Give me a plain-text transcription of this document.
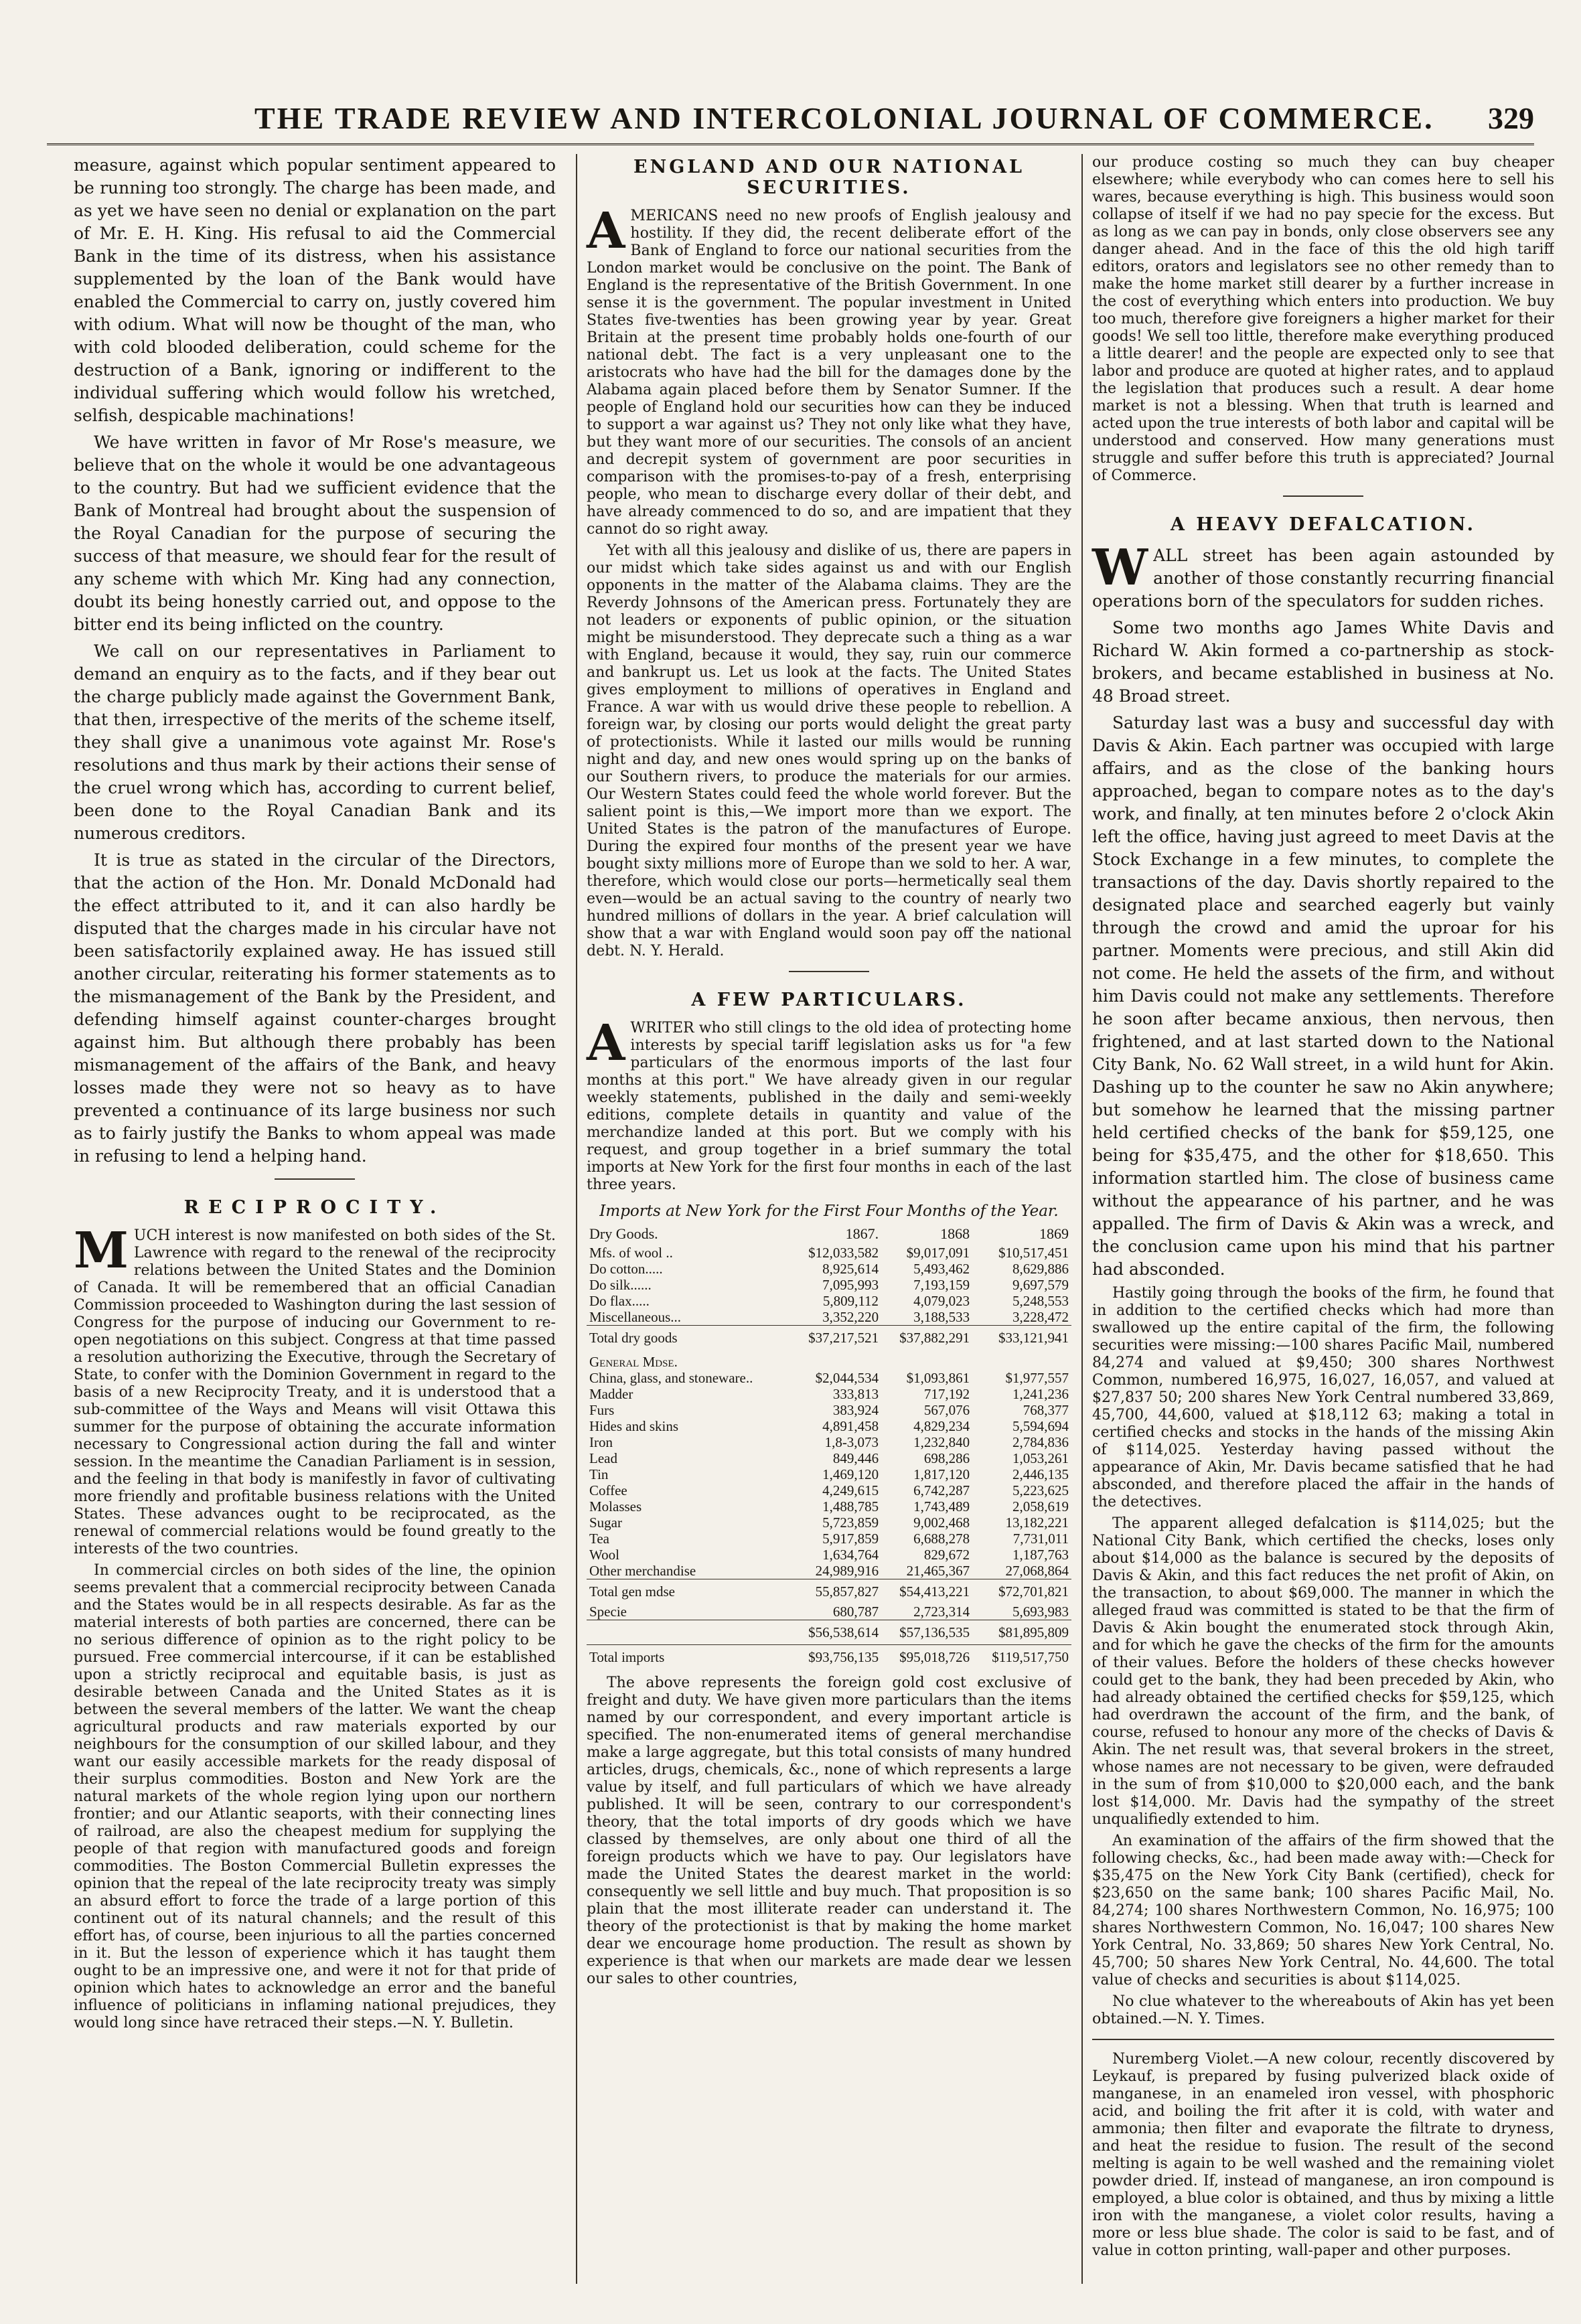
THE TRADE REVIEW AND INTERCOLONIAL JOURNAL OF COMMERCE. 329

measure, against which popular sentiment appeared to be running too strongly. The charge has been made, and as yet we have seen no denial or explanation on the part of Mr. E. H. King. His refusal to aid the Commercial Bank in the time of its distress, when his assistance supplemented by the loan of the Bank would have enabled the Commercial to carry on, justly covered him with odium. What will now be thought of the man, who with cold blooded deliberation, could scheme for the destruction of a Bank, ignoring or indifferent to the individual suffering which would follow his wretched, selfish, despicable machinations!

We have written in favor of Mr Rose's measure, we believe that on the whole it would be one advantageous to the country. But had we sufficient evidence that the Bank of Montreal had brought about the suspension of the Royal Canadian for the purpose of securing the success of that measure, we should fear for the result of any scheme with which Mr. King had any connection, doubt its being honestly carried out, and oppose to the bitter end its being inflicted on the country.

We call on our representatives in Parliament to demand an enquiry as to the facts, and if they bear out the charge publicly made against the Government Bank, that then, irrespective of the merits of the scheme itself, they shall give a unanimous vote against Mr. Rose's resolutions and thus mark by their actions their sense of the cruel wrong which has, according to current belief, been done to the Royal Canadian Bank and its numerous creditors.

It is true as stated in the circular of the Directors, that the action of the Hon. Mr. Donald McDonald had the effect attributed to it, and it can also hardly be disputed that the charges made in his circular have not been satisfactorily explained away. He has issued still another circular, reiterating his former statements as to the mismanagement of the Bank by the President, and defending himself against counter-charges brought against him. But although there probably has been mismanagement of the affairs of the Bank, and heavy losses made they were not so heavy as to have prevented a continuance of its large business nor such as to fairly justify the Banks to whom appeal was made in refusing to lend a helping hand.

RECIPROCITY.

MUCH interest is now manifested on both sides of the St. Lawrence with regard to the renewal of the reciprocity relations between the United States and the Dominion of Canada. It will be remembered that an official Canadian Commission proceeded to Washington during the last session of Congress for the purpose of inducing our Government to re-open negotiations on this subject. Congress at that time passed a resolution authorizing the Executive, through the Secretary of State, to confer with the Dominion Government in regard to the basis of a new Reciprocity Treaty, and it is understood that a sub-committee of the Ways and Means will visit Ottawa this summer for the purpose of obtaining the accurate information necessary to Congressional action during the fall and winter session. In the meantime the Canadian Parliament is in session, and the feeling in that body is manifestly in favor of cultivating more friendly and profitable business relations with the United States. These advances ought to be reciprocated, as the renewal of commercial relations would be found greatly to the interests of the two countries.

In commercial circles on both sides of the line, the opinion seems prevalent that a commercial reciprocity between Canada and the States would be in all respects desirable. As far as the material interests of both parties are concerned, there can be no serious difference of opinion as to the right policy to be pursued. Free commercial intercourse, if it can be established upon a strictly reciprocal and equitable basis, is just as desirable between Canada and the United States as it is between the several members of the latter. We want the cheap agricultural products and raw materials exported by our neighbours for the consumption of our skilled labour, and they want our easily accessible markets for the ready disposal of their surplus commodities. Boston and New York are the natural markets of the whole region lying upon our northern frontier; and our Atlantic seaports, with their connecting lines of railroad, are also the cheapest medium for supplying the people of that region with manufactured goods and foreign commodities. The Boston Commercial Bulletin expresses the opinion that the repeal of the late reciprocity treaty was simply an absurd effort to force the trade of a large portion of this continent out of its natural channels; and the result of this effort has, of course, been injurious to all the parties concerned in it. But the lesson of experience which it has taught them ought to be an impressive one, and were it not for that pride of opinion which hates to acknowledge an error and the baneful influence of politicians in inflaming national prejudices, they would long since have retraced their steps.—N. Y. Bulletin.

ENGLAND AND OUR NATIONAL SECURITIES.

AMERICANS need no new proofs of English jealousy and hostility. If they did, the recent deliberate effort of the Bank of England to force our national securities from the London market would be conclusive on the point. The Bank of England is the representative of the British Government. In one sense it is the government. The popular investment in United States five-twenties has been growing year by year. Great Britain at the present time probably holds one-fourth of our national debt. The fact is a very unpleasant one to the aristocrats who have had the bill for the damages done by the Alabama again placed before them by Senator Sumner. If the people of England hold our securities how can they be induced to support a war against us? They not only like what they have, but they want more of our securities. The consols of an ancient and decrepit system of government are poor securities in comparison with the promises-to-pay of a fresh, enterprising people, who mean to discharge every dollar of their debt, and have already commenced to do so, and are impatient that they cannot do so right away.

Yet with all this jealousy and dislike of us, there are papers in our midst which take sides against us and with our English opponents in the matter of the Alabama claims. They are the Reverdy Johnsons of the American press. Fortunately they are not leaders or exponents of public opinion, or the situation might be misunderstood. They deprecate such a thing as a war with England, because it would, they say, ruin our commerce and bankrupt us. Let us look at the facts. The United States gives employment to millions of operatives in England and France. A war with us would drive these people to rebellion. A foreign war, by closing our ports would delight the great party of protectionists. While it lasted our mills would be running night and day, and new ones would spring up on the banks of our Southern rivers, to produce the materials for our armies. Our Western States could feed the whole world forever. But the salient point is this,—We import more than we export. The United States is the patron of the manufactures of Europe. During the expired four months of the present year we have bought sixty millions more of Europe than we sold to her. A war, therefore, which would close our ports—hermetically seal them even—would be an actual saving to the country of nearly two hundred millions of dollars in the year. A brief calculation will show that a war with England would soon pay off the national debt. N. Y. Herald.

A FEW PARTICULARS.

AWRITER who still clings to the old idea of protecting home interests by special tariff legislation asks us for "a few particulars of the enormous imports of the last four months at this port." We have already given in our regular weekly statements, published in the daily and semi-weekly editions, complete details in quantity and value of the merchandize landed at this port. But we comply with his request, and group together in a brief summary the total imports at New York for the first four months in each of the last three years.

Imports at New York for the First Four Months of the Year.
Dry Goods.	1867.	1868	1869
Mfs. of wool ..	$12,033,582	$9,017,091	$10,517,451
Do cotton.....	8,925,614	5,493,462	8,629,886
Do silk......	7,095,993	7,193,159	9,697,579
Do flax.....	5,809,112	4,079,023	5,248,553
Miscellaneous...	3,352,220	3,188,533	3,228,472
Total dry goods	$37,217,521	$37,882,291	$33,121,941
General Mdse.			
China, glass, and stoneware..	$2,044,534	$1,093,861	$1,977,557
Madder	333,813	717,192	1,241,236
Furs	383,924	567,076	768,377
Hides and skins	4,891,458	4,829,234	5,594,694
Iron	1,8-3,073	1,232,840	2,784,836
Lead	849,446	698,286	1,053,261
Tin	1,469,120	1,817,120	2,446,135
Coffee	4,249,615	6,742,287	5,223,625
Molasses	1,488,785	1,743,489	2,058,619
Sugar	5,723,859	9,002,468	13,182,221
Tea	5,917,859	6,688,278	7,731,011
Wool	1,634,764	829,672	1,187,763
Other merchandise	24,989,916	21,465,367	27,068,864
Total gen mdse	55,857,827	$54,413,221	$72,701,821
Specie	680,787	2,723,314	5,693,983
	$56,538,614	$57,136,535	$81,895,809
Total imports	$93,756,135	$95,018,726	$119,517,750

The above represents the foreign gold cost exclusive of freight and duty. We have given more particulars than the items named by our correspondent, and every important article is specified. The non-enumerated items of general merchandise make a large aggregate, but this total consists of many hundred articles, drugs, chemicals, &c., none of which represents a large value by itself, and full particulars of which we have already published. It will be seen, contrary to our correspondent's theory, that the total imports of dry goods which we have classed by themselves, are only about one third of all the foreign products which we have to pay. Our legislators have made the United States the dearest market in the world: consequently we sell little and buy much. That proposition is so plain that the most illiterate reader can understand it. The theory of the protectionist is that by making the home market dear we encourage home production. The result as shown by experience is that when our markets are made dear we lessen our sales to other countries,

our produce costing so much they can buy cheaper elsewhere; while everybody who can comes here to sell his wares, because everything is high. This business would soon collapse of itself if we had no pay specie for the excess. But as long as we can pay in bonds, only close observers see any danger ahead. And in the face of this the old high tariff editors, orators and legislators see no other remedy than to make the home market still dearer by a further increase in the cost of everything which enters into production. We buy too much, therefore give foreigners a higher market for their goods! We sell too little, therefore make everything produced a little dearer! and the people are expected only to see that labor and produce are quoted at higher rates, and to applaud the legislation that produces such a result. A dear home market is not a blessing. When that truth is learned and acted upon the true interests of both labor and capital will be understood and conserved. How many generations must struggle and suffer before this truth is appreciated? Journal of Commerce.

A HEAVY DEFALCATION.

WALL street has been again astounded by another of those constantly recurring financial operations born of the speculators for sudden riches.

Some two months ago James White Davis and Richard W. Akin formed a co-partnership as stock-brokers, and became established in business at No. 48 Broad street.

Saturday last was a busy and successful day with Davis & Akin. Each partner was occupied with large affairs, and as the close of the banking hours approached, began to compare notes as to the day's work, and finally, at ten minutes before 2 o'clock Akin left the office, having just agreed to meet Davis at the Stock Exchange in a few minutes, to complete the transactions of the day. Davis shortly repaired to the designated place and searched eagerly but vainly through the crowd and amid the uproar for his partner. Moments were precious, and still Akin did not come. He held the assets of the firm, and without him Davis could not make any settlements. Therefore he soon after became anxious, then nervous, then frightened, and at last started down to the National City Bank, No. 62 Wall street, in a wild hunt for Akin. Dashing up to the counter he saw no Akin anywhere; but somehow he learned that the missing partner held certified checks of the bank for $59,125, one being for $35,475, and the other for $18,650. This information startled him. The close of business came without the appearance of his partner, and he was appalled. The firm of Davis & Akin was a wreck, and the conclusion came upon his mind that his partner had absconded.

Hastily going through the books of the firm, he found that in addition to the certified checks which had more than swallowed up the entire capital of the firm, the following securities were missing:—100 shares Pacific Mail, numbered 84,274 and valued at $9,450; 300 shares Northwest Common, numbered 16,975, 16,027, 16,057, and valued at $27,837 50; 200 shares New York Central numbered 33,869, 45,700, 44,600, valued at $18,112 63; making a total in certified checks and stocks in the hands of the missing Akin of $114,025. Yesterday having passed without the appearance of Akin, Mr. Davis became satisfied that he had absconded, and therefore placed the affair in the hands of the detectives.

The apparent alleged defalcation is $114,025; but the National City Bank, which certified the checks, loses only about $14,000 as the balance is secured by the deposits of Davis & Akin, and this fact reduces the net profit of Akin, on the transaction, to about $69,000. The manner in which the alleged fraud was committed is stated to be that the firm of Davis & Akin bought the enumerated stock through Akin, and for which he gave the checks of the firm for the amounts of their values. Before the holders of these checks however could get to the bank, they had been preceded by Akin, who had already obtained the certified checks for $59,125, which had overdrawn the account of the firm, and the bank, of course, refused to honour any more of the checks of Davis & Akin. The net result was, that several brokers in the street, whose names are not necessary to be given, were defrauded in the sum of from $10,000 to $20,000 each, and the bank lost $14,000. Mr. Davis had the sympathy of the street unqualifiedly extended to him.

An examination of the affairs of the firm showed that the following checks, &c., had been made away with:—Check for $35,475 on the New York City Bank (certified), check for $23,650 on the same bank; 100 shares Pacific Mail, No. 84,274; 100 shares Northwestern Common, No. 16,975; 100 shares Northwestern Common, No. 16,047; 100 shares New York Central, No. 33,869; 50 shares New York Central, No. 45,700; 50 shares New York Central, No. 44,600. The total value of checks and securities is about $114,025.

No clue whatever to the whereabouts of Akin has yet been obtained.—N. Y. Times.

Nuremberg Violet.—A new colour, recently discovered by Leykauf, is prepared by fusing pulverized black oxide of manganese, in an enameled iron vessel, with phosphoric acid, and boiling the frit after it is cold, with water and ammonia; then filter and evaporate the filtrate to dryness, and heat the residue to fusion. The result of the second melting is again to be well washed and the remaining violet powder dried. If, instead of manganese, an iron compound is employed, a blue color is obtained, and thus by mixing a little iron with the manganese, a violet color results, having a more or less blue shade. The color is said to be fast, and of value in cotton printing, wall-paper and other purposes.
